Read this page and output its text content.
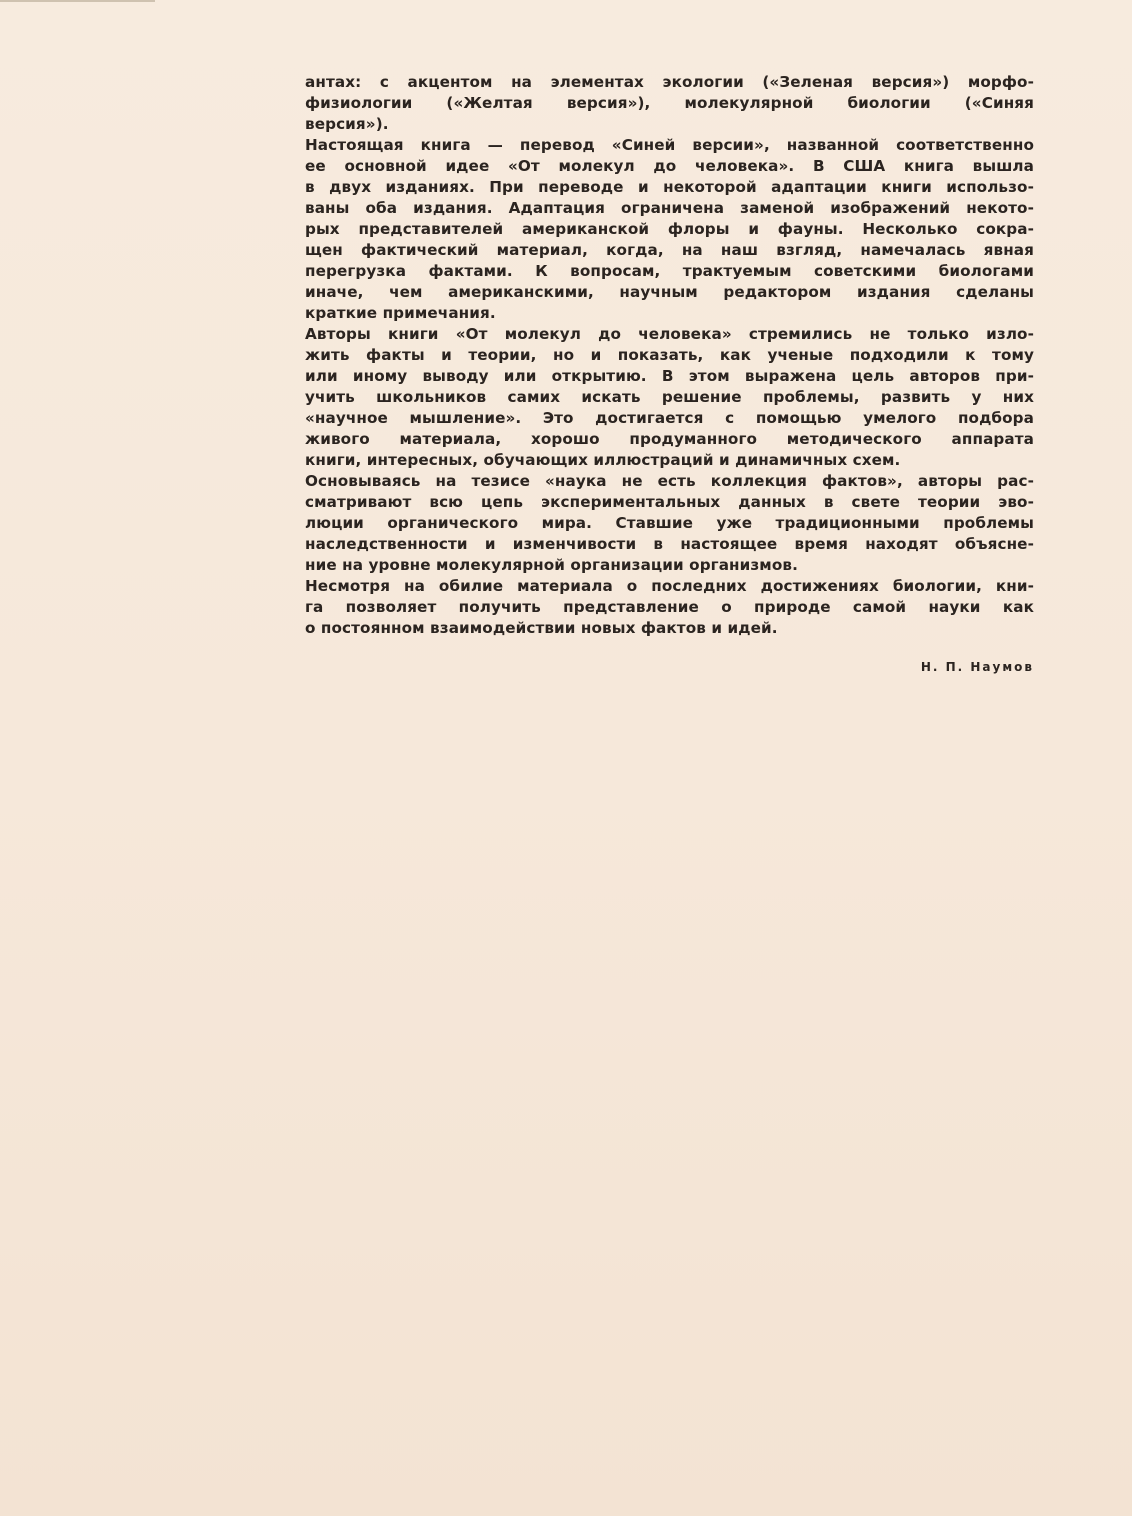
антах: с акцентом на элементах экологии («Зеленая версия») морфо-
физиологии («Желтая версия»), молекулярной биологии («Синяя
версия»).
Настоящая книга — перевод «Синей версии», названной соответственно
ее основной идее «От молекул до человека». В США книга вышла
в двух изданиях. При переводе и некоторой адаптации книги использо-
ваны оба издания. Адаптация ограничена заменой изображений некото-
рых представителей американской флоры и фауны. Несколько сокра-
щен фактический материал, когда, на наш взгляд, намечалась явная
перегрузка фактами. К вопросам, трактуемым советскими биологами
иначе, чем американскими, научным редактором издания сделаны
краткие примечания.
Авторы книги «От молекул до человека» стремились не только изло-
жить факты и теории, но и показать, как ученые подходили к тому
или иному выводу или открытию. В этом выражена цель авторов при-
учить школьников самих искать решение проблемы, развить у них
«научное мышление». Это достигается с помощью умелого подбора
живого материала, хорошо продуманного методического аппарата
книги, интересных, обучающих иллюстраций и динамичных схем.
Основываясь на тезисе «наука не есть коллекция фактов», авторы рас-
сматривают всю цепь экспериментальных данных в свете теории эво-
люции органического мира. Ставшие уже традиционными проблемы
наследственности и изменчивости в настоящее время находят объясне-
ние на уровне молекулярной организации организмов.
Несмотря на обилие материала о последних достижениях биологии, кни-
га позволяет получить представление о природе самой науки как
о постоянном взаимодействии новых фактов и идей.
Н. П. Наумов
